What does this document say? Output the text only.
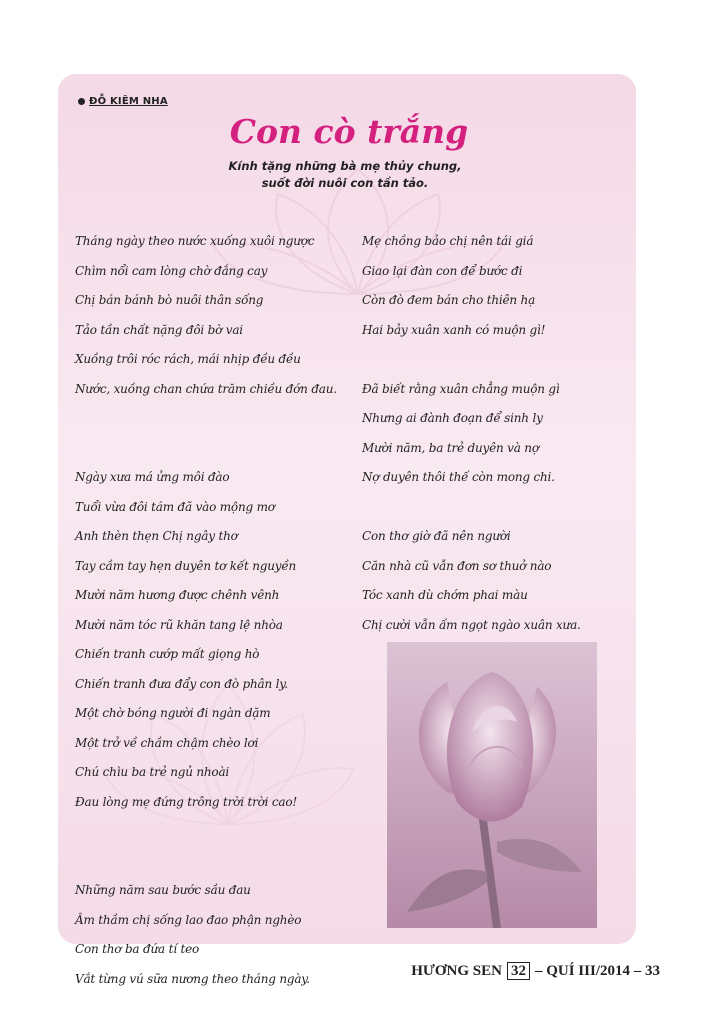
ĐỖ KIÊM NHA
Con cò trắng
Kính tặng những bà mẹ thủy chung,
suốt đời nuôi con tần tảo.
Tháng ngày theo nước xuống xuôi ngược
Chìm nổi cam lòng chờ đắng cay
Chị bán bánh bò nuôi thân sống
Tảo tần chất nặng đôi bờ vai
Xuồng trôi róc rách, mái nhịp đều đều
Nước, xuồng chan chứa trăm chiều đớn đau.
Ngày xưa má ửng môi đào
Tuổi vừa đôi tám đã vào mộng mơ
Anh thèn thẹn Chị ngây thơ
Tay cầm tay hẹn duyên tơ kết nguyền
Mười năm hương được chênh vênh
Mười năm tóc rũ khăn tang lệ nhòa
Chiến tranh cướp mất giọng hò
Chiến tranh đưa đẩy con đò phân ly.
Một chờ bóng người đi ngàn dặm
Một trở về chầm chậm chèo lơi
Chú chìu ba trẻ ngủ nhoài
Đau lòng mẹ đứng trông trời trời cao!
Những năm sau bước sầu đau
Âm thầm chị sống lao đao phận nghèo
Con thơ ba đứa tí teo
Vắt từng vú sữa nương theo tháng ngày.
Mẹ chồng bảo chị nên tái giá
Giao lại đàn con để bước đi
Còn đò đem bán cho thiên hạ
Hai bảy xuân xanh có muộn gì!
Đã biết rằng xuân chẳng muộn gì
Nhưng ai đành đoạn để sinh ly
Mười năm, ba trẻ duyên và nợ
Nợ duyên thôi thế còn mong chi.
Con thơ giờ đã nên người
Căn nhà cũ vẫn đơn sơ thuở nào
Tóc xanh dù chớm phai màu
Chị cười vẫn ấm ngọt ngào xuân xưa.
HƯƠNG SEN 32 – QUÍ III/2014 – 33
